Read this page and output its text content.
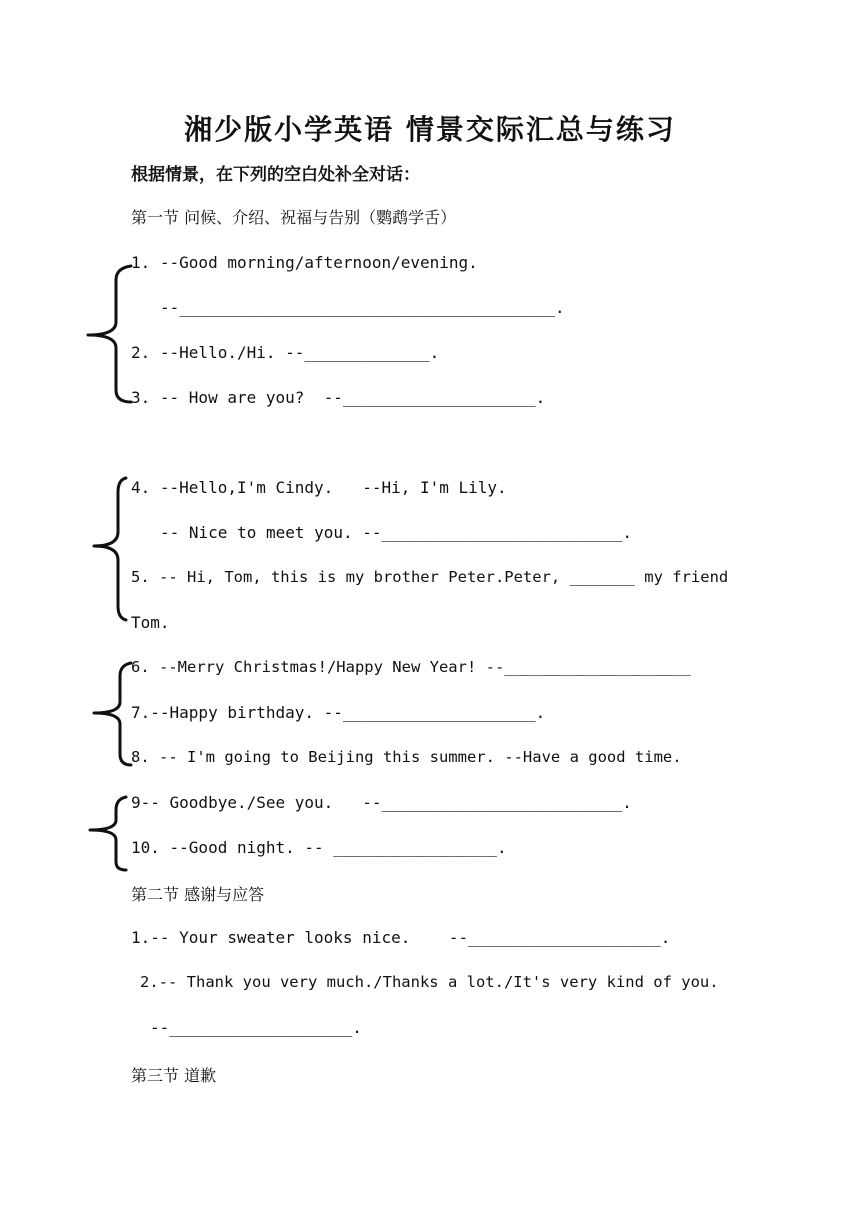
湘少版小学英语 情景交际汇总与练习
根据情景，在下列的空白处补全对话：
第一节 问候、介绍、祝福与告别（鹦鹉学舌）
1. --Good morning/afternoon/evening.
--_______________________________________.
2. --Hello./Hi. --_____________.
3. -- How are you?  --____________________.
4. --Hello,I'm Cindy.   --Hi, I'm Lily.
-- Nice to meet you. --_________________________.
5. -- Hi, Tom, this is my brother Peter.Peter, _______ my friend
Tom.
6. --Merry Christmas!/Happy New Year! --____________________
7.--Happy birthday. --____________________.
8. -- I'm going to Beijing this summer. --Have a good time.
9-- Goodbye./See you.   --_________________________.
10. --Good night. -- _________________.
第二节 感谢与应答
1.-- Your sweater looks nice.    --____________________.
2.-- Thank you very much./Thanks a lot./It's very kind of you.
--___________________.
第三节 道歉
